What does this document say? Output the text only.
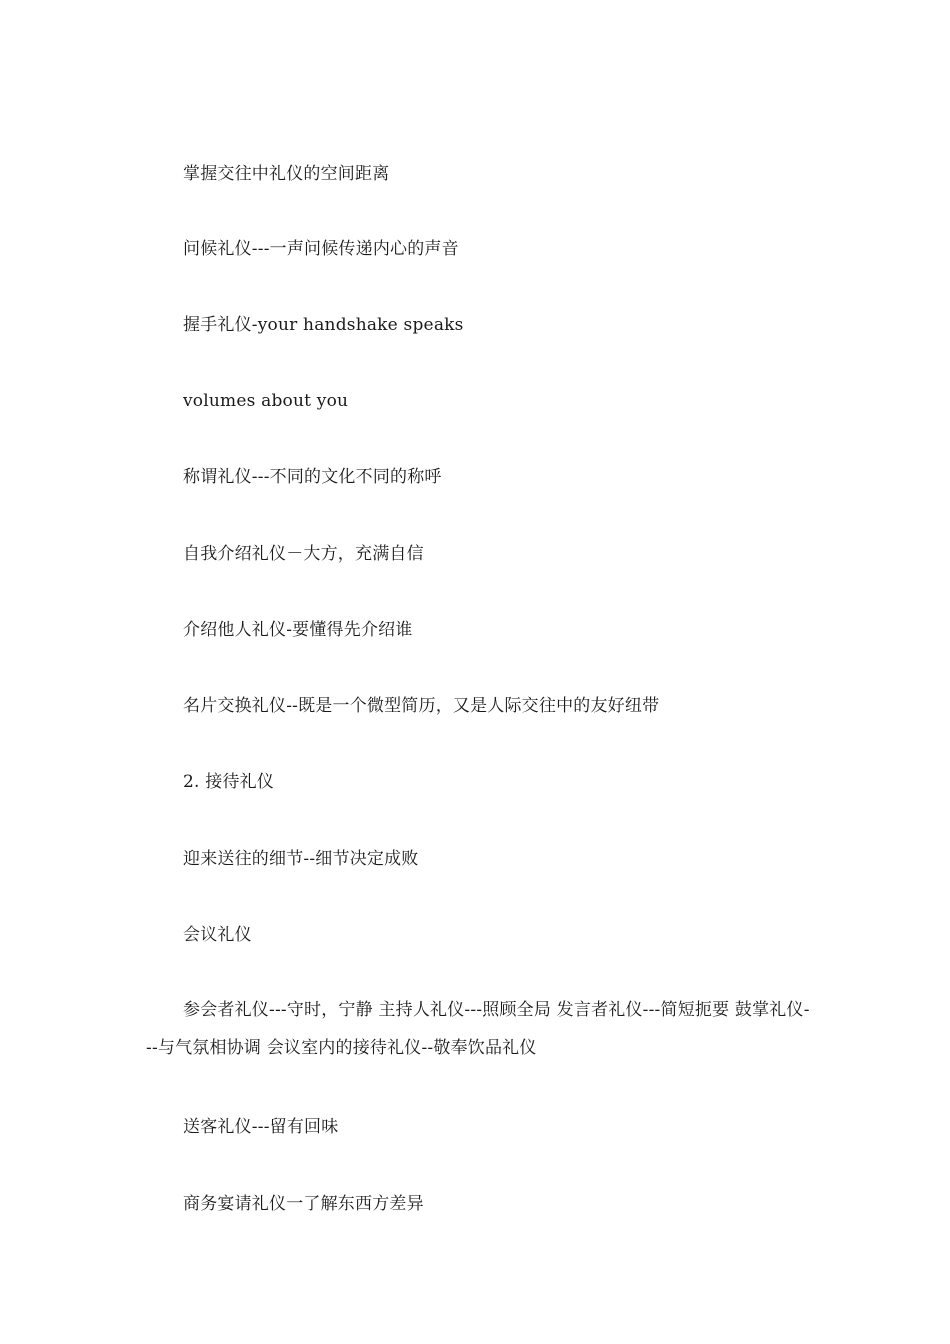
掌握交往中礼仪的空间距离

问候礼仪---一声问候传递内心的声音

握手礼仪-your handshake speaks

volumes about you

称谓礼仪---不同的文化不同的称呼

自我介绍礼仪－大方，充满自信

介绍他人礼仪-要懂得先介绍谁

名片交换礼仪--既是一个微型简历，又是人际交往中的友好纽带

2. 接待礼仪

迎来送往的细节--细节决定成败

会议礼仪

参会者礼仪---守时，宁静 主持人礼仪---照顾全局 发言者礼仪---简短扼要 鼓掌礼仪---与气氛相协调 会议室内的接待礼仪--敬奉饮品礼仪

送客礼仪---留有回味

商务宴请礼仪一了解东西方差异
